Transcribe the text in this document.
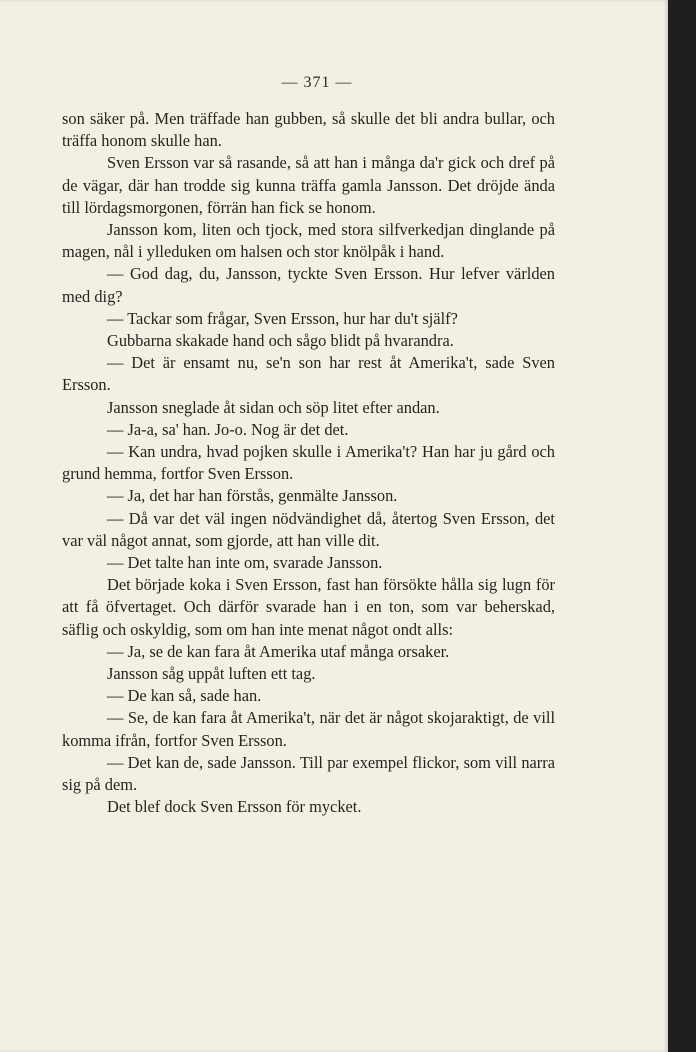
— 371 —

son säker på. Men träffade han gubben, så skulle det bli andra bullar, och träffa honom skulle han.

Sven Ersson var så rasande, så att han i många da'r gick och dref på de vägar, där han trodde sig kunna träffa gamla Jansson. Det dröjde ända till lördagsmorgonen, förrän han fick se honom.

Jansson kom, liten och tjock, med stora silfverkedjan dinglande på magen, nål i ylleduken om halsen och stor knölpåk i hand.

— God dag, du, Jansson, tyckte Sven Ersson. Hur lefver världen med dig?

— Tackar som frågar, Sven Ersson, hur har du't själf?

Gubbarna skakade hand och sågo blidt på hvarandra.

— Det är ensamt nu, se'n son har rest åt Amerika't, sade Sven Ersson.

Jansson sneglade åt sidan och söp litet efter andan.

— Ja-a, sa' han. Jo-o. Nog är det det.

— Kan undra, hvad pojken skulle i Amerika't? Han har ju gård och grund hemma, fortfor Sven Ersson.

— Ja, det har han förstås, genmälte Jansson.

— Då var det väl ingen nödvändighet då, återtog Sven Ersson, det var väl något annat, som gjorde, att han ville dit.

— Det talte han inte om, svarade Jansson.

Det började koka i Sven Ersson, fast han försökte hålla sig lugn för att få öfvertaget. Och därför svarade han i en ton, som var beherskad, säflig och oskyldig, som om han inte menat något ondt alls:

— Ja, se de kan fara åt Amerika utaf många orsaker.

Jansson såg uppåt luften ett tag.

— De kan så, sade han.

— Se, de kan fara åt Amerika't, när det är något skojaraktigt, de vill komma ifrån, fortfor Sven Ersson.

— Det kan de, sade Jansson. Till par exempel flickor, som vill narra sig på dem.

Det blef dock Sven Ersson för mycket.
